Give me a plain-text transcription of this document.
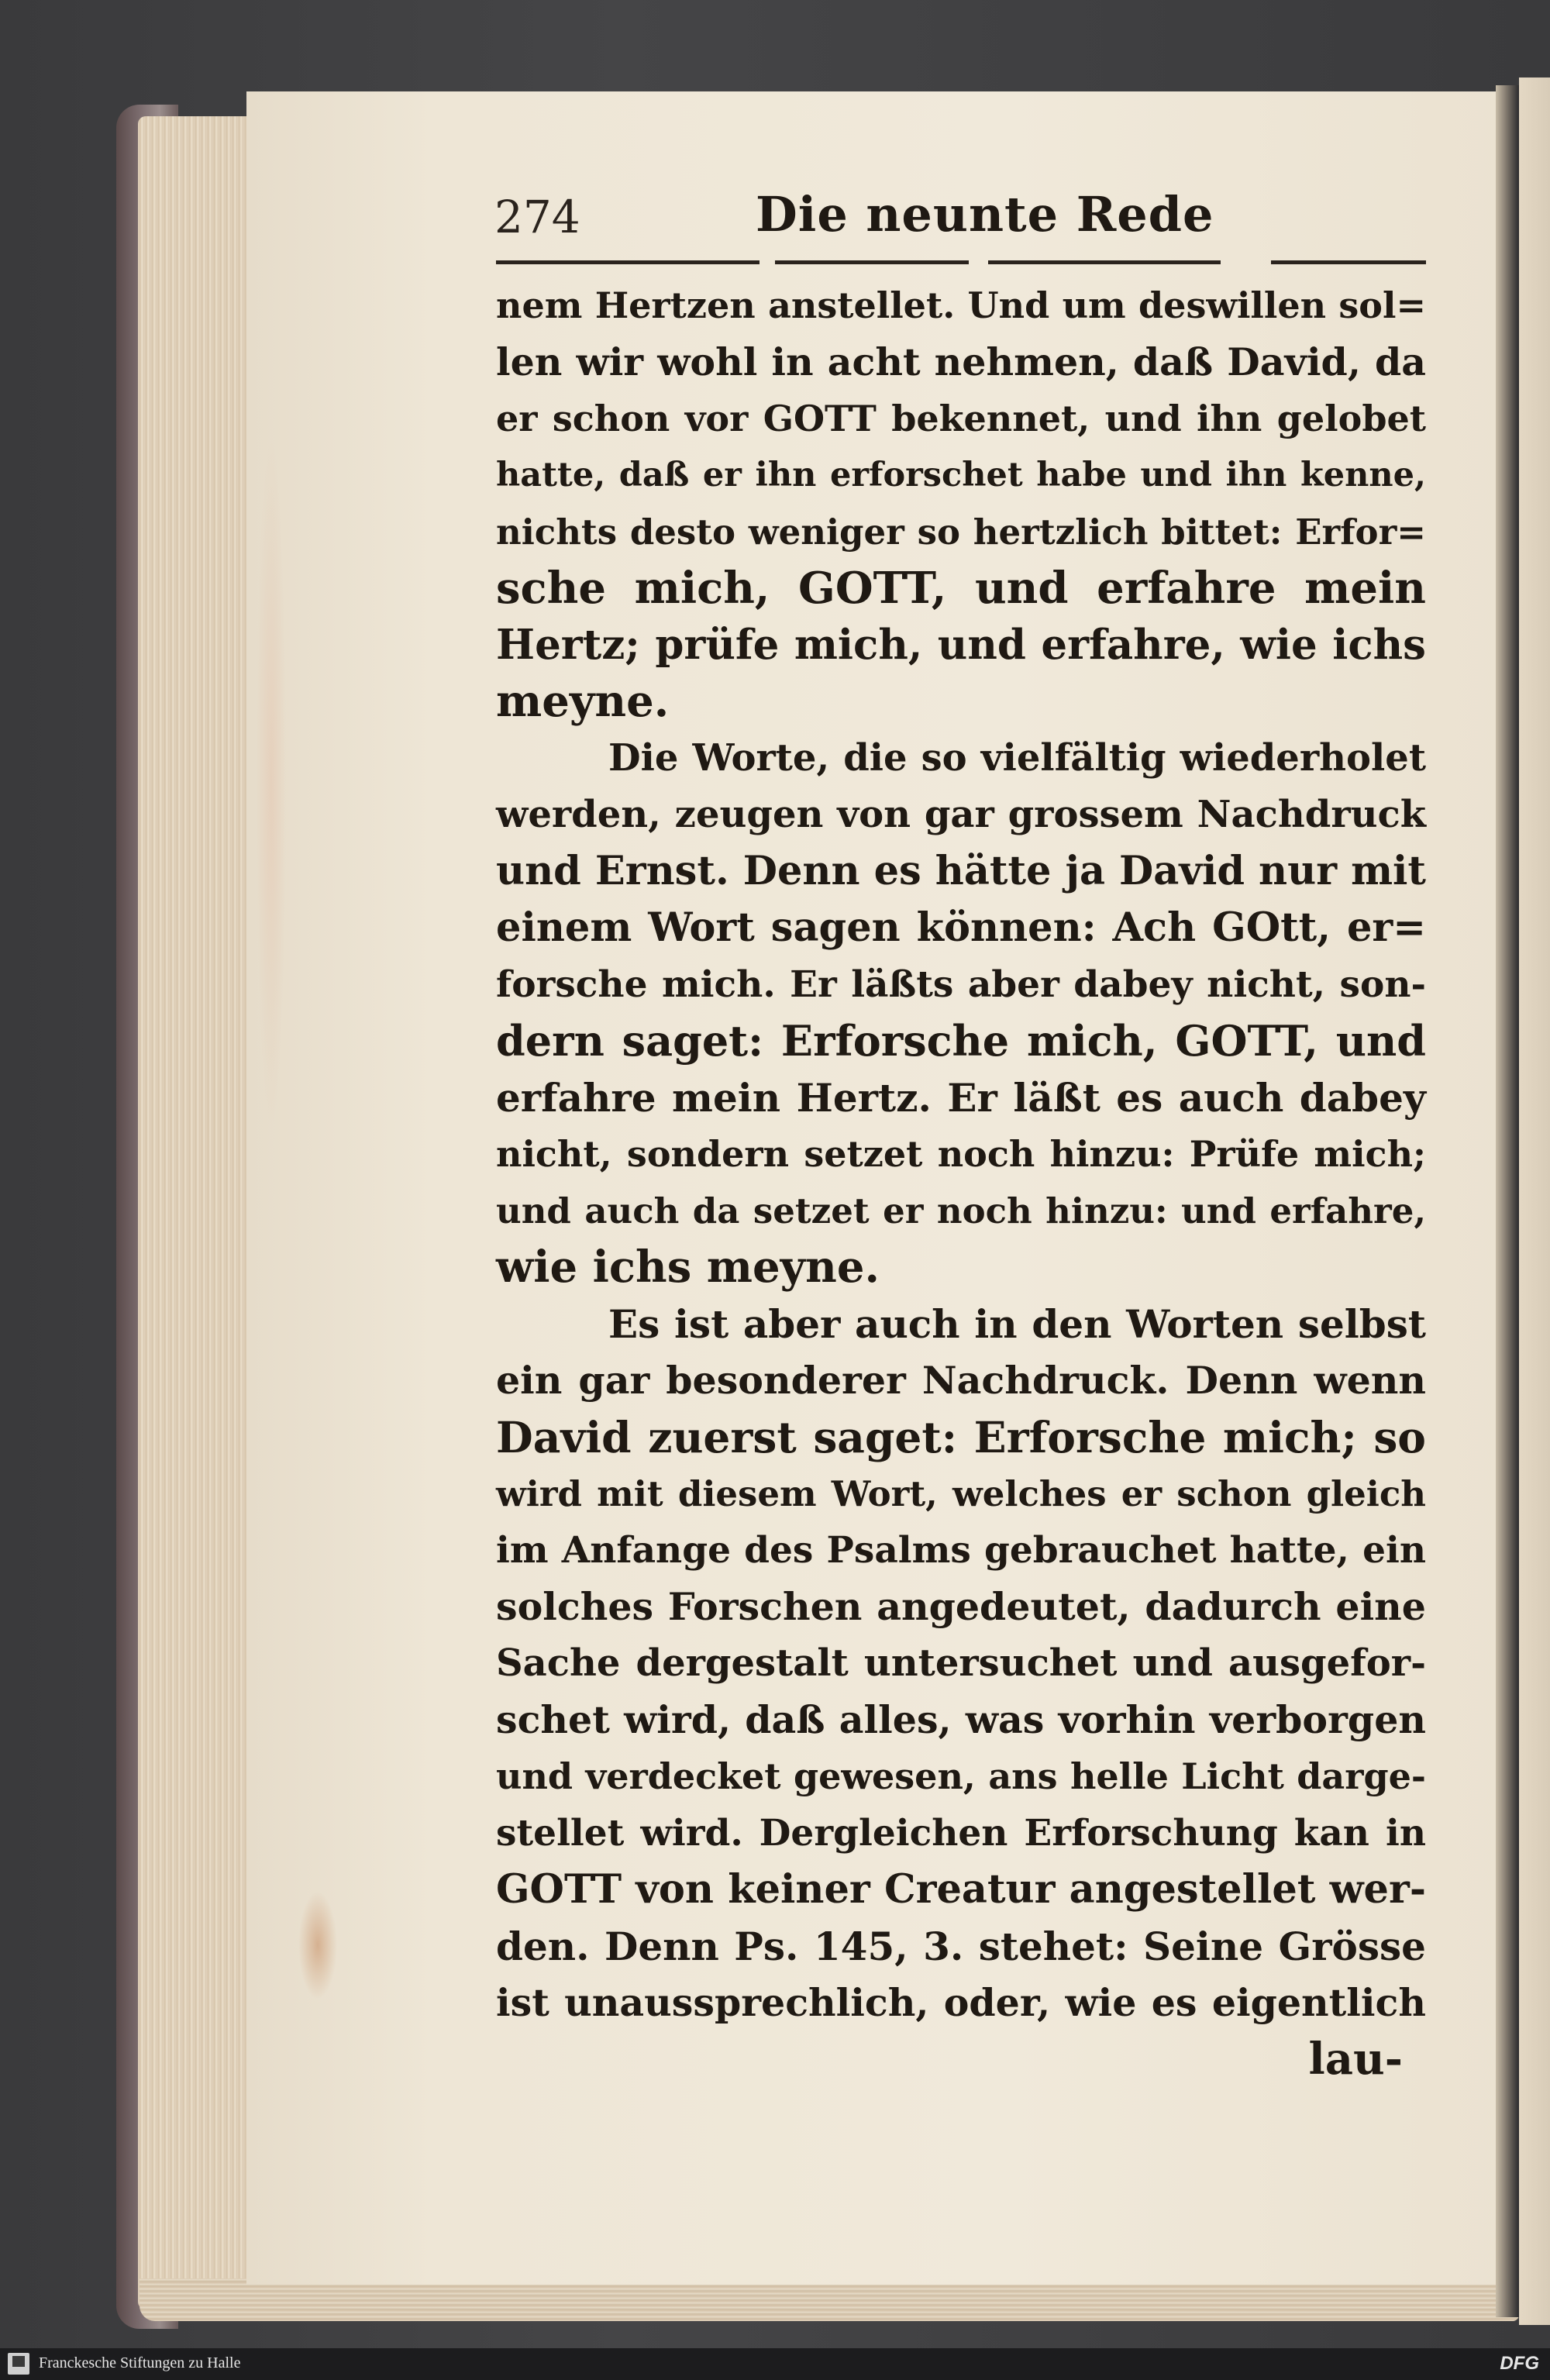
274	Die neunte Rede
nem Hertzen anstellet. Und um deswillen sol=
len wir wohl in acht nehmen, daß David, da
er schon vor GOTT bekennet, und ihn gelobet
hatte, daß er ihn erforschet habe und ihn kenne,
nichts desto weniger so hertzlich bittet: Erfor=
sche mich, GOTT, und erfahre mein
Hertz; prüfe mich, und erfahre, wie ichs
meyne.
Die Worte, die so vielfältig wiederholet
werden, zeugen von gar grossem Nachdruck
und Ernst. Denn es hätte ja David nur mit
einem Wort sagen können: Ach GOtt, er=
forsche mich. Er läßts aber dabey nicht, son-
dern saget: Erforsche mich, GOTT, und
erfahre mein Hertz. Er läßt es auch dabey
nicht, sondern setzet noch hinzu: Prüfe mich;
und auch da setzet er noch hinzu: und erfahre,
wie ichs meyne.
Es ist aber auch in den Worten selbst
ein gar besonderer Nachdruck. Denn wenn
David zuerst saget: Erforsche mich; so
wird mit diesem Wort, welches er schon gleich
im Anfange des Psalms gebrauchet hatte, ein
solches Forschen angedeutet, dadurch eine
Sache dergestalt untersuchet und ausgefor-
schet wird, daß alles, was vorhin verborgen
und verdecket gewesen, ans helle Licht darge-
stellet wird. Dergleichen Erforschung kan in
GOTT von keiner Creatur angestellet wer-
den. Denn Ps. 145, 3. stehet: Seine Grösse
ist unaussprechlich, oder, wie es eigentlich
lau-
Franckesche Stiftungen zu Halle	DFG
